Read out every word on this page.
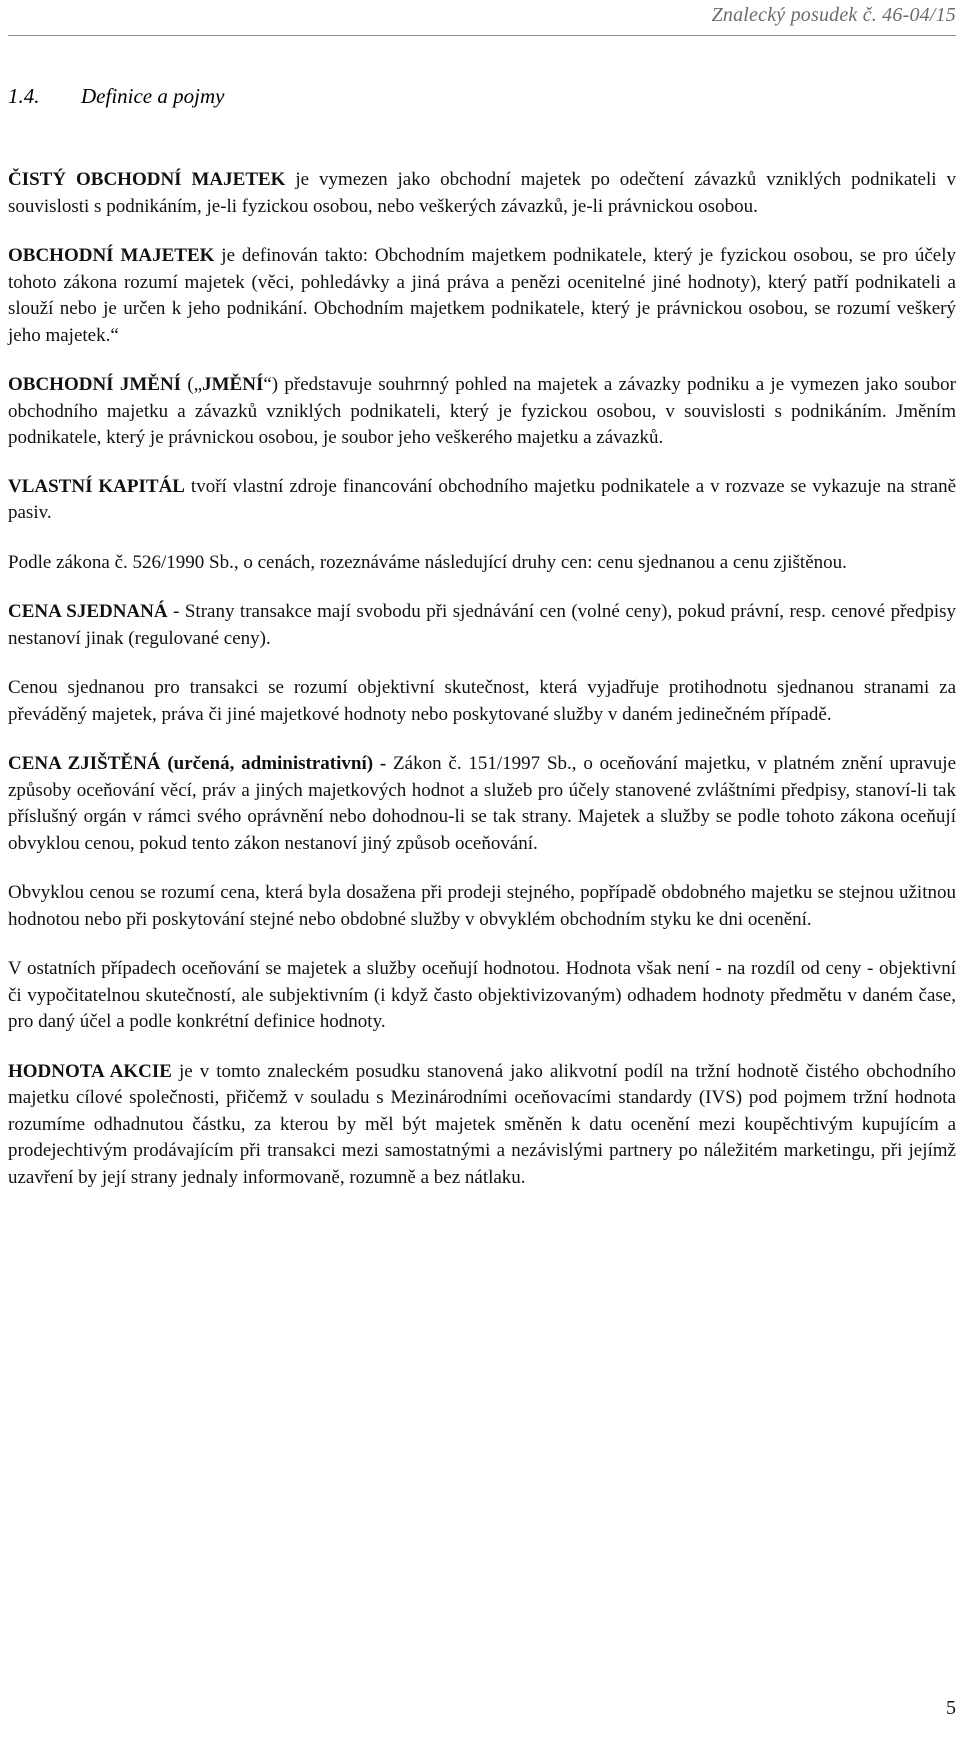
Znalecký posudek č. 46-04/15
1.4. Definice a pojmy

ČISTÝ OBCHODNÍ MAJETEK je vymezen jako obchodní majetek po odečtení závazků vzniklých podnikateli v souvislosti s podnikáním, je-li fyzickou osobou, nebo veškerých závazků, je-li právnickou osobou.

OBCHODNÍ MAJETEK je definován takto: Obchodním majetkem podnikatele, který je fyzickou osobou, se pro účely tohoto zákona rozumí majetek (věci, pohledávky a jiná práva a penězi ocenitelné jiné hodnoty), který patří podnikateli a slouží nebo je určen k jeho podnikání. Obchodním majetkem podnikatele, který je právnickou osobou, se rozumí veškerý jeho majetek.“

OBCHODNÍ JMĚNÍ („JMĚNÍ“) představuje souhrnný pohled na majetek a závazky podniku a je vymezen jako soubor obchodního majetku a závazků vzniklých podnikateli, který je fyzickou osobou, v souvislosti s podnikáním. Jměním podnikatele, který je právnickou osobou, je soubor jeho veškerého majetku a závazků.

VLASTNÍ KAPITÁL tvoří vlastní zdroje financování obchodního majetku podnikatele a v rozvaze se vykazuje na straně pasiv.

Podle zákona č. 526/1990 Sb., o cenách, rozeznáváme následující druhy cen: cenu sjednanou a cenu zjištěnou.

CENA SJEDNANÁ - Strany transakce mají svobodu při sjednávání cen (volné ceny), pokud právní, resp. cenové předpisy nestanoví jinak (regulované ceny).

Cenou sjednanou pro transakci se rozumí objektivní skutečnost, která vyjadřuje protihodnotu sjednanou stranami za převáděný majetek, práva či jiné majetkové hodnoty nebo poskytované služby v daném jedinečném případě.

CENA ZJIŠTĚNÁ (určená, administrativní) - Zákon č. 151/1997 Sb., o oceňování majetku, v platném znění upravuje způsoby oceňování věcí, práv a jiných majetkových hodnot a služeb pro účely stanovené zvláštními předpisy, stanoví-li tak příslušný orgán v rámci svého oprávnění nebo dohodnou-li se tak strany. Majetek a služby se podle tohoto zákona oceňují obvyklou cenou, pokud tento zákon nestanoví jiný způsob oceňování.

Obvyklou cenou se rozumí cena, která byla dosažena při prodeji stejného, popřípadě obdobného majetku se stejnou užitnou hodnotou nebo při poskytování stejné nebo obdobné služby v obvyklém obchodním styku ke dni ocenění.

V ostatních případech oceňování se majetek a služby oceňují hodnotou. Hodnota však není - na rozdíl od ceny - objektivní či vypočitatelnou skutečností, ale subjektivním (i když často objektivizovaným) odhadem hodnoty předmětu v daném čase, pro daný účel a podle konkrétní definice hodnoty.

HODNOTA AKCIE je v tomto znaleckém posudku stanovená jako alikvotní podíl na tržní hodnotě čistého obchodního majetku cílové společnosti, přičemž v souladu s Mezinárodními oceňovacími standardy (IVS) pod pojmem tržní hodnota rozumíme odhadnutou částku, za kterou by měl být majetek směněn k datu ocenění mezi koupěchtivým kupujícím a prodejechtivým prodávajícím při transakci mezi samostatnými a nezávislými partnery po náležitém marketingu, při jejímž uzavření by její strany jednaly informovaně, rozumně a bez nátlaku.

5
